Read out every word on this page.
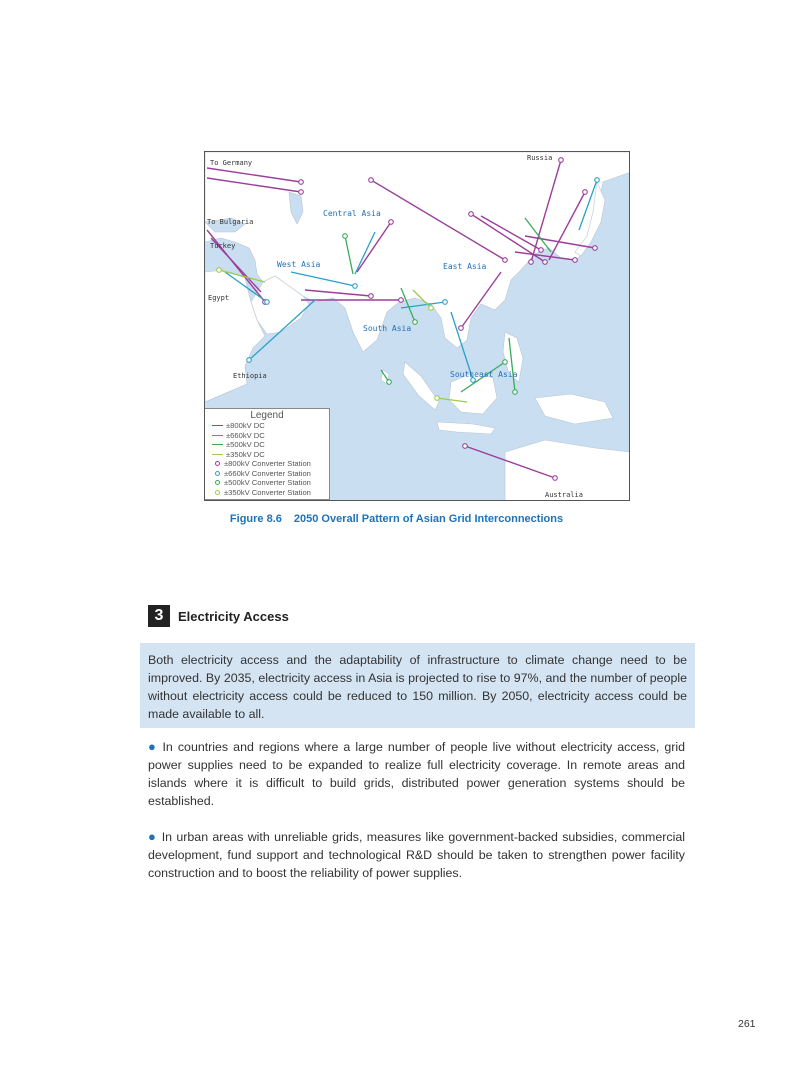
To Germany
Russia
To Bulgaria
Turkey
Egypt
Ethiopia
Australia
Central Asia
West Asia	East Asia
South Asia
Southeast Asia
Legend
±800kV DC
±660kV DC
±500kV DC
±350kV DC
±800kV Converter Station
±660kV Converter Station
±500kV Converter Station
±350kV Converter Station
Figure 8.6 2050 Overall Pattern of Asian Grid Interconnections
3	Electricity Access
Both electricity access and the adaptability of infrastructure to climate change need to be improved. By 2035, electricity access in Asia is projected to rise to 97%, and the number of people without electricity access could be reduced to 150 million. By 2050, electricity access could be made available to all.
● In countries and regions where a large number of people live without electricity access, grid power supplies need to be expanded to realize full electricity coverage. In remote areas and islands where it is difficult to build grids, distributed power generation systems should be established.
● In urban areas with unreliable grids, measures like government-backed subsidies, commercial development, fund support and technological R&D should be taken to strengthen power facility construction and to boost the reliability of power supplies.
261
